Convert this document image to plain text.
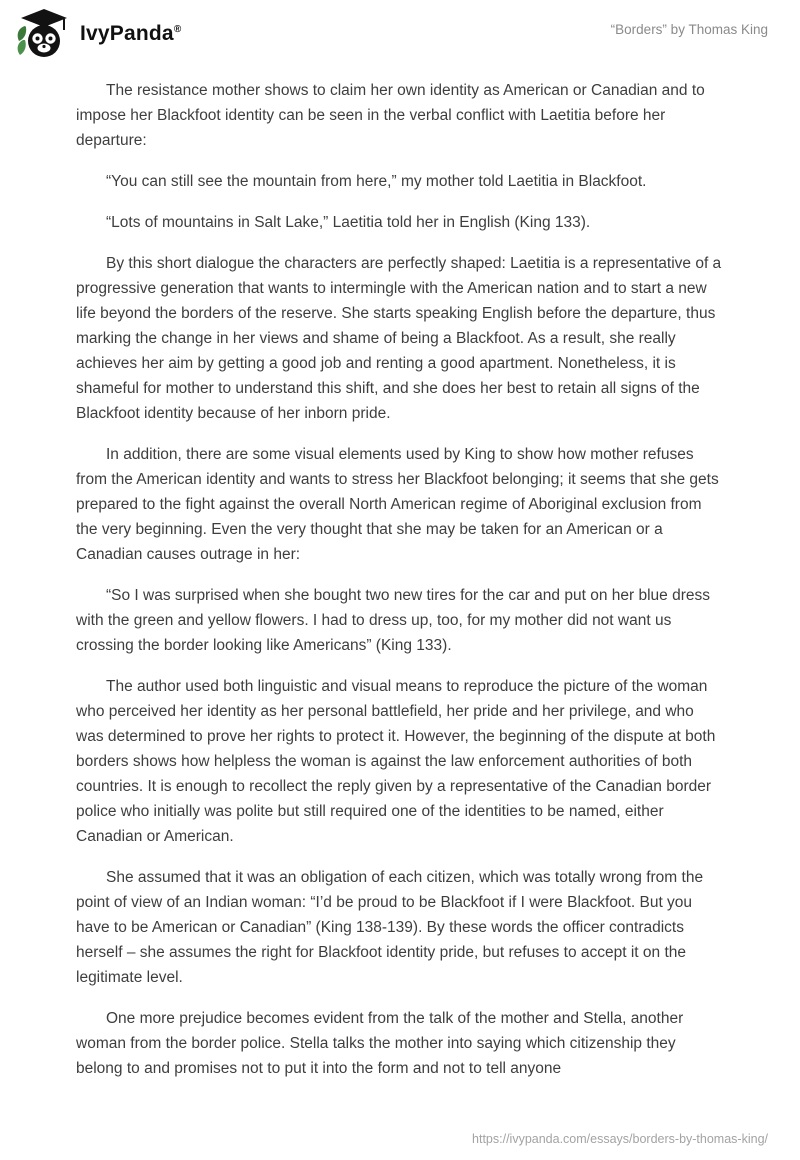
IvyPanda®	“Borders” by Thomas King

The resistance mother shows to claim her own identity as American or Canadian and to impose her Blackfoot identity can be seen in the verbal conflict with Laetitia before her departure:

“You can still see the mountain from here,” my mother told Laetitia in Blackfoot.

“Lots of mountains in Salt Lake,” Laetitia told her in English (King 133).

By this short dialogue the characters are perfectly shaped: Laetitia is a representative of a progressive generation that wants to intermingle with the American nation and to start a new life beyond the borders of the reserve. She starts speaking English before the departure, thus marking the change in her views and shame of being a Blackfoot. As a result, she really achieves her aim by getting a good job and renting a good apartment. Nonetheless, it is shameful for mother to understand this shift, and she does her best to retain all signs of the Blackfoot identity because of her inborn pride.

In addition, there are some visual elements used by King to show how mother refuses from the American identity and wants to stress her Blackfoot belonging; it seems that she gets prepared to the fight against the overall North American regime of Aboriginal exclusion from the very beginning. Even the very thought that she may be taken for an American or a Canadian causes outrage in her:

“So I was surprised when she bought two new tires for the car and put on her blue dress with the green and yellow flowers. I had to dress up, too, for my mother did not want us crossing the border looking like Americans” (King 133).

The author used both linguistic and visual means to reproduce the picture of the woman who perceived her identity as her personal battlefield, her pride and her privilege, and who was determined to prove her rights to protect it. However, the beginning of the dispute at both borders shows how helpless the woman is against the law enforcement authorities of both countries. It is enough to recollect the reply given by a representative of the Canadian border police who initially was polite but still required one of the identities to be named, either Canadian or American.

She assumed that it was an obligation of each citizen, which was totally wrong from the point of view of an Indian woman: “I’d be proud to be Blackfoot if I were Blackfoot. But you have to be American or Canadian” (King 138-139). By these words the officer contradicts herself – she assumes the right for Blackfoot identity pride, but refuses to accept it on the legitimate level.

One more prejudice becomes evident from the talk of the mother and Stella, another woman from the border police. Stella talks the mother into saying which citizenship they belong to and promises not to put it into the form and not to tell anyone

https://ivypanda.com/essays/borders-by-thomas-king/
